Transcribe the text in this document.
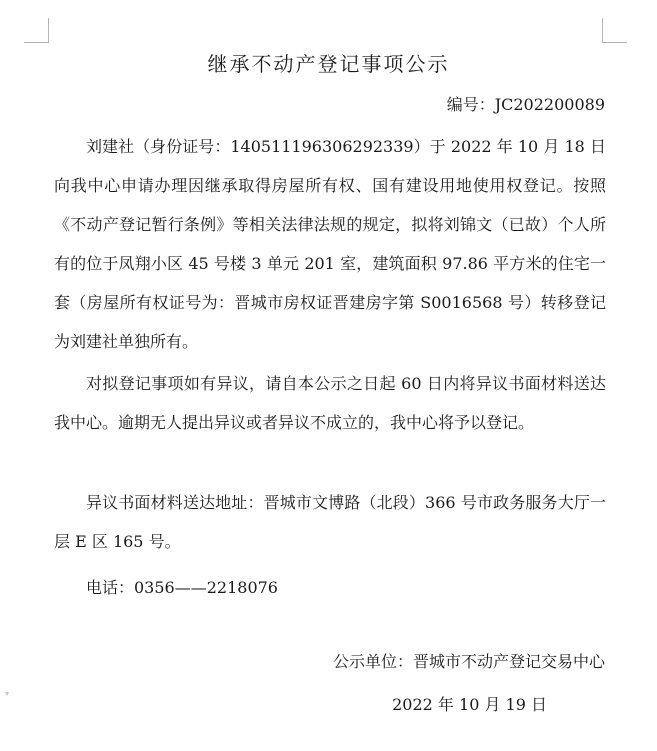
继承不动产登记事项公示
编号：JC202200089

刘建社（身份证号：140511196306292339）于 2022 年 10 月 18 日向我中心申请办理因继承取得房屋所有权、国有建设用地使用权登记。按照《不动产登记暂行条例》等相关法律法规的规定，拟将刘锦文（已故）个人所有的位于凤翔小区 45 号楼 3 单元 201 室，建筑面积 97.86 平方米的住宅一套（房屋所有权证号为：晋城市房权证晋建房字第 S0016568 号）转移登记为刘建社单独所有。

对拟登记事项如有异议，请自本公示之日起 60 日内将异议书面材料送达我中心。逾期无人提出异议或者异议不成立的，我中心将予以登记。

异议书面材料送达地址：晋城市文博路（北段）366 号市政务服务大厅一层 E 区 165 号。

电话：0356——2218076

公示单位：晋城市不动产登记交易中心
2022 年 10 月 19 日
